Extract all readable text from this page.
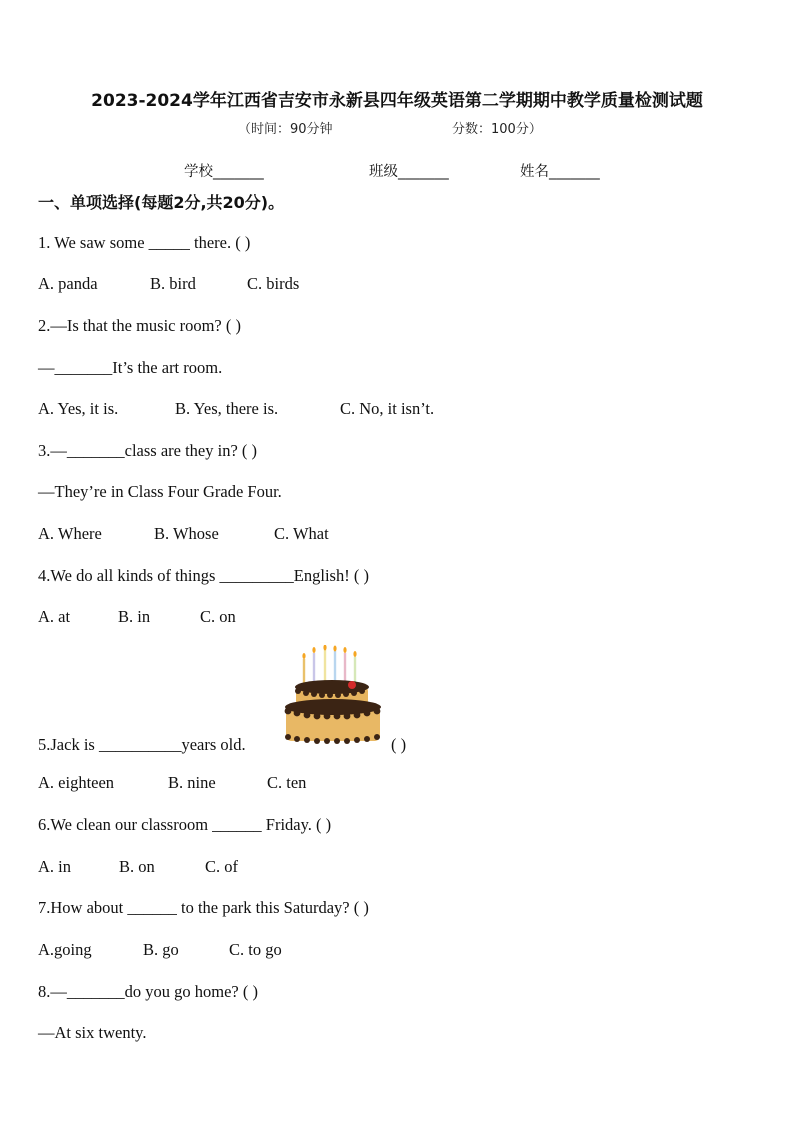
2023-2024学年江西省吉安市永新县四年级英语第二学期期中教学质量检测试题
（时间：90分钟	分数：100分）
学校_______	班级_______	姓名_______
一、单项选择(每题2分,共20分)。
1. We saw some _____ there. ( )
A. panda	B. bird	C. birds
2.—Is that the music room? ( )
—_______It’s the art room.
A. Yes, it is.	B. Yes, there is.	C. No, it isn’t.
3.—_______class are they in? ( )
—They’re in Class Four Grade Four.
A. Where	B. Whose	C. What
4.We do all kinds of things _________English! ( )
A. at	B. in	C. on
5.Jack is __________years old.	( )
A. eighteen	B. nine	C. ten
6.We clean our classroom ______ Friday. ( )
A. in	B. on	C. of
7.How about ______ to the park this Saturday? ( )
A.going	B. go	C. to go
8.—_______do you go home? ( )
—At six twenty.
